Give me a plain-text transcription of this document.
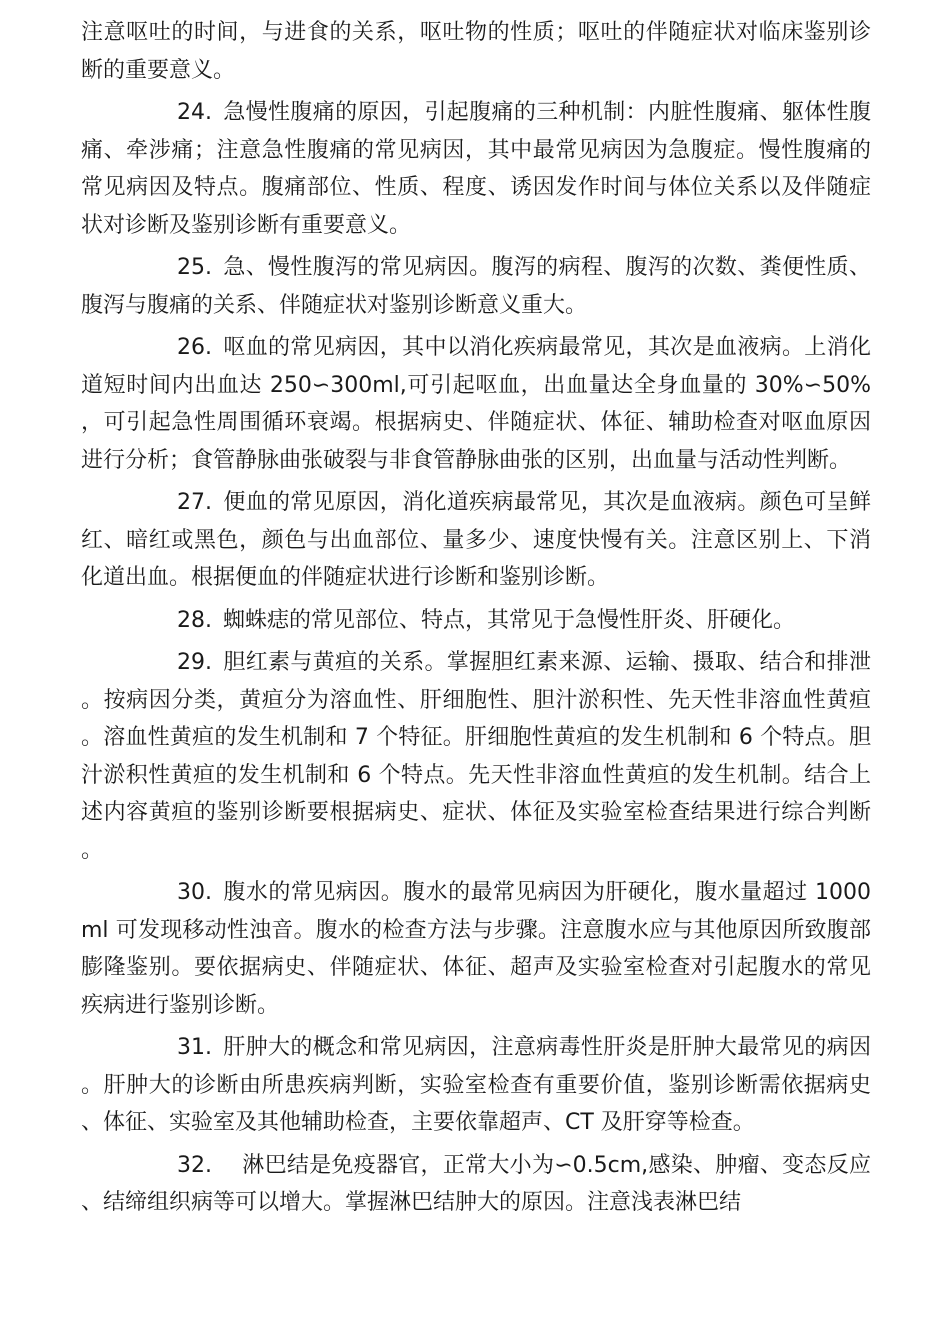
注意呕吐的时间，与进食的关系，呕吐物的性质；呕吐的伴随症状对临床鉴别诊断的重要意义。

24. 急慢性腹痛的原因，引起腹痛的三种机制：内脏性腹痛、躯体性腹痛、牵涉痛；注意急性腹痛的常见病因，其中最常见病因为急腹症。慢性腹痛的常见病因及特点。腹痛部位、性质、程度、诱因发作时间与体位关系以及伴随症状对诊断及鉴别诊断有重要意义。

25. 急、慢性腹泻的常见病因。腹泻的病程、腹泻的次数、粪便性质、腹泻与腹痛的关系、伴随症状对鉴别诊断意义重大。

26. 呕血的常见病因，其中以消化疾病最常见，其次是血液病。上消化道短时间内出血达 250∽300ml,可引起呕血，出血量达全身血量的 30%∽50%，可引起急性周围循环衰竭。根据病史、伴随症状、体征、辅助检查对呕血原因进行分析；食管静脉曲张破裂与非食管静脉曲张的区别，出血量与活动性判断。

27. 便血的常见原因，消化道疾病最常见，其次是血液病。颜色可呈鲜红、暗红或黑色，颜色与出血部位、量多少、速度快慢有关。注意区别上、下消化道出血。根据便血的伴随症状进行诊断和鉴别诊断。

28. 蜘蛛痣的常见部位、特点，其常见于急慢性肝炎、肝硬化。

29. 胆红素与黄疸的关系。掌握胆红素来源、运输、摄取、结合和排泄。按病因分类，黄疸分为溶血性、肝细胞性、胆汁淤积性、先天性非溶血性黄疸。溶血性黄疸的发生机制和 7 个特征。肝细胞性黄疸的发生机制和 6 个特点。胆汁淤积性黄疸的发生机制和 6 个特点。先天性非溶血性黄疸的发生机制。结合上述内容黄疸的鉴别诊断要根据病史、症状、体征及实验室检查结果进行综合判断。

30. 腹水的常见病因。腹水的最常见病因为肝硬化，腹水量超过 1000ml 可发现移动性浊音。腹水的检查方法与步骤。注意腹水应与其他原因所致腹部膨隆鉴别。要依据病史、伴随症状、体征、超声及实验室检查对引起腹水的常见疾病进行鉴别诊断。

31. 肝肿大的概念和常见病因，注意病毒性肝炎是肝肿大最常见的病因。肝肿大的诊断由所患疾病判断，实验室检查有重要价值，鉴别诊断需依据病史、体征、实验室及其他辅助检查，主要依靠超声、CT 及肝穿等检查。

32. 淋巴结是免疫器官，正常大小为∽0.5cm,感染、肿瘤、变态反应、结缔组织病等可以增大。掌握淋巴结肿大的原因。注意浅表淋巴结
